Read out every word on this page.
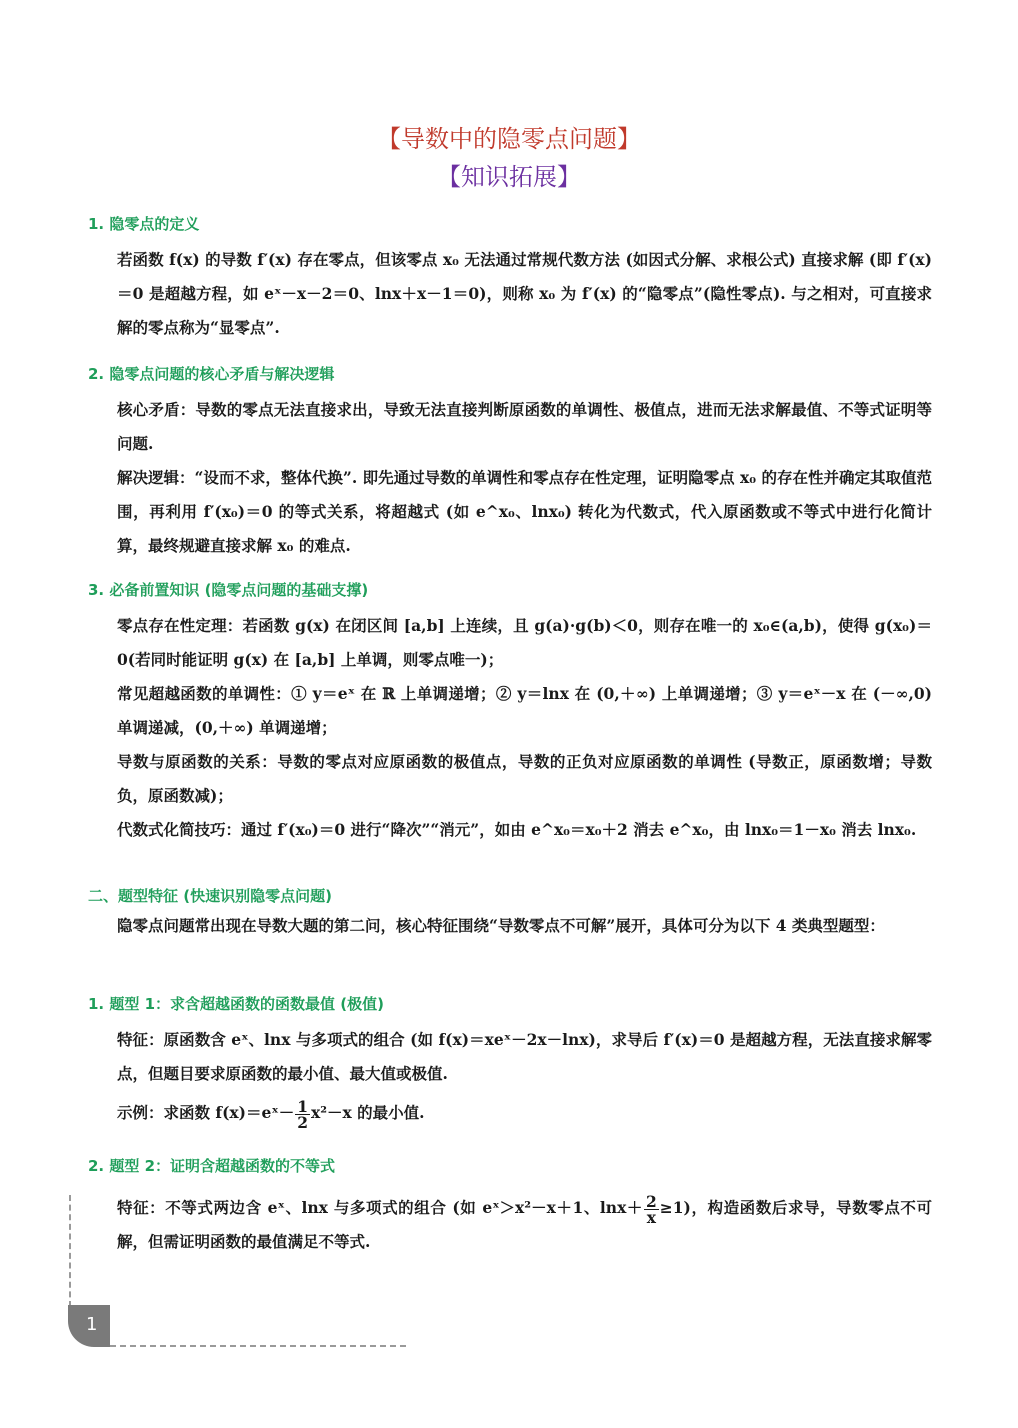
【导数中的隐零点问题】
【知识拓展】
1. 隐零点的定义

若函数 f(x) 的导数 f′(x) 存在零点，但该零点 x₀ 无法通过常规代数方法 (如因式分解、求根公式) 直接求解 (即 f′(x)＝0 是超越方程，如 eˣ－x－2＝0、lnx＋x－1＝0)，则称 x₀ 为 f′(x) 的“隐零点”(隐性零点). 与之相对，可直接求解的零点称为“显零点”.

2. 隐零点问题的核心矛盾与解决逻辑

核心矛盾：导数的零点无法直接求出，导致无法直接判断原函数的单调性、极值点，进而无法求解最值、不等式证明等问题.

解决逻辑：“设而不求，整体代换”. 即先通过导数的单调性和零点存在性定理，证明隐零点 x₀ 的存在性并确定其取值范围，再利用 f′(x₀)＝0 的等式关系，将超越式 (如 e^x₀、lnx₀) 转化为代数式，代入原函数或不等式中进行化简计算，最终规避直接求解 x₀ 的难点.

3. 必备前置知识 (隐零点问题的基础支撑)

零点存在性定理：若函数 g(x) 在闭区间 [a,b] 上连续，且 g(a)·g(b)＜0，则存在唯一的 x₀∈(a,b)，使得 g(x₀)＝0(若同时能证明 g(x) 在 [a,b] 上单调，则零点唯一)；

常见超越函数的单调性：① y＝eˣ 在 ℝ 上单调递增；② y＝lnx 在 (0,＋∞) 上单调递增；③ y＝eˣ－x 在 (－∞,0) 单调递减，(0,＋∞) 单调递增；

导数与原函数的关系：导数的零点对应原函数的极值点，导数的正负对应原函数的单调性 (导数正，原函数增；导数负，原函数减)；

代数式化简技巧：通过 f′(x₀)＝0 进行“降次”“消元”，如由 e^x₀＝x₀＋2 消去 e^x₀，由 lnx₀＝1－x₀ 消去 lnx₀.

二、题型特征 (快速识别隐零点问题)

隐零点问题常出现在导数大题的第二问，核心特征围绕“导数零点不可解”展开，具体可分为以下 4 类典型题型：

1. 题型 1：求含超越函数的函数最值 (极值)

特征：原函数含 eˣ、lnx 与多项式的组合 (如 f(x)＝xeˣ－2x－lnx)，求导后 f′(x)＝0 是超越方程，无法直接求解零点，但题目要求原函数的最小值、最大值或极值.

示例：求函数 f(x)＝eˣ－ $\frac{1}{2} x^2-x$ 的最小值.

2. 题型 2：证明含超越函数的不等式

特征：不等式两边含 eˣ、lnx 与多项式的组合 (如 eˣ＞x²－x＋1、$\ln x+ \frac{2}{x} \ge 1$)，构造函数后求导，导数零点不可解，但需证明函数的最值满足不等式.

1
